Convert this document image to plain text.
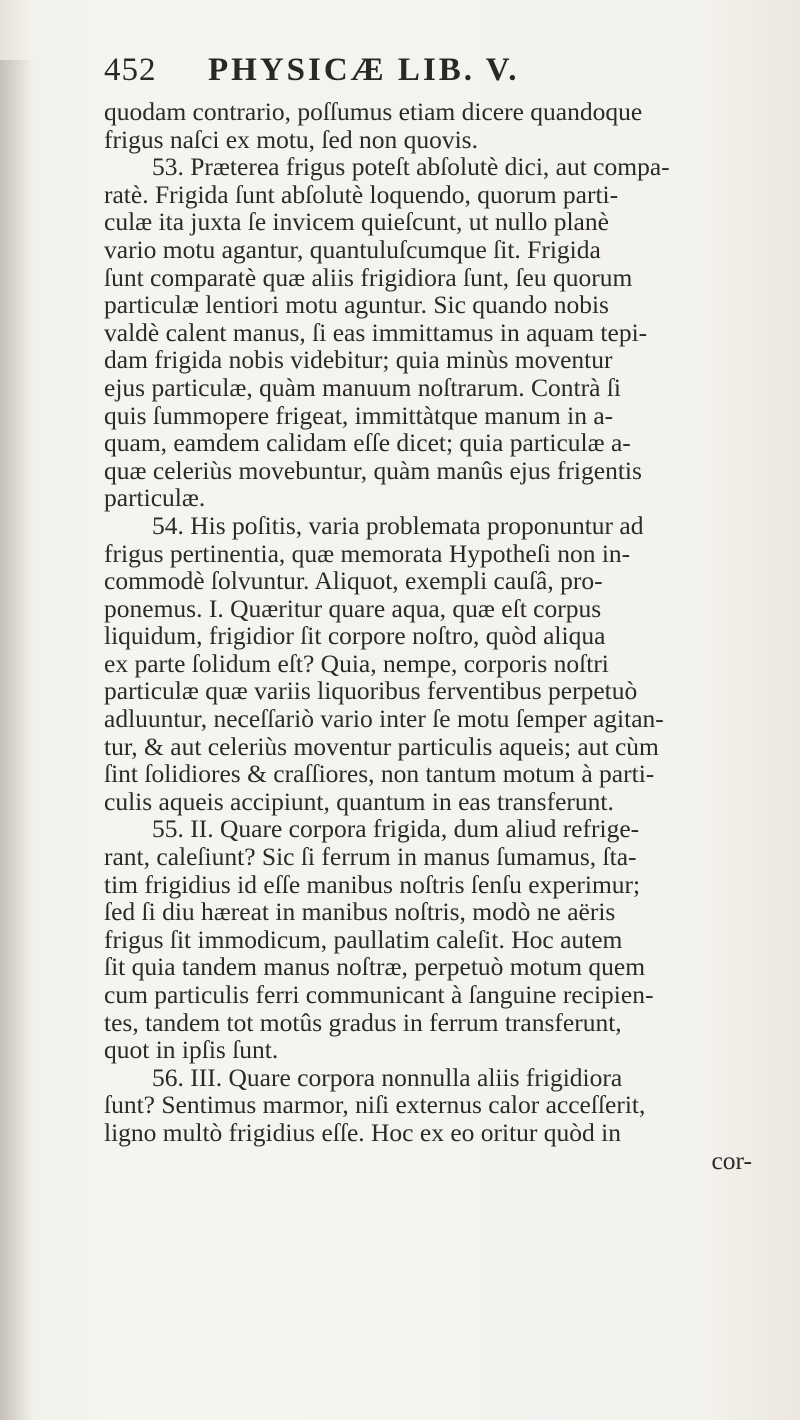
452 PHYSICÆ LIB. V.
quodam contrario, poſſumus etiam dicere quandoque
frigus naſci ex motu, ſed non quovis.
53. Præterea frigus poteſt abſolutè dici, aut compa-
ratè. Frigida ſunt abſolutè loquendo, quorum parti-
culæ ita juxta ſe invicem quieſcunt, ut nullo planè
vario motu agantur, quantuluſcumque ſit. Frigida
ſunt comparatè quæ aliis frigidiora ſunt, ſeu quorum
particulæ lentiori motu aguntur. Sic quando nobis
valdè calent manus, ſi eas immittamus in aquam tepi-
dam frigida nobis videbitur; quia minùs moventur
ejus particulæ, quàm manuum noſtrarum. Contrà ſi
quis ſummopere frigeat, immittàtque manum in a-
quam, eamdem calidam eſſe dicet; quia particulæ a-
quæ celeriùs movebuntur, quàm manûs ejus frigentis
particulæ.
54. His poſitis, varia problemata proponuntur ad
frigus pertinentia, quæ memorata Hypotheſi non in-
commodè ſolvuntur. Aliquot, exempli cauſâ, pro-
ponemus. I. Quæritur quare aqua, quæ eſt corpus
liquidum, frigidior ſit corpore noſtro, quòd aliqua
ex parte ſolidum eſt? Quia, nempe, corporis noſtri
particulæ quæ variis liquoribus ferventibus perpetuò
adluuntur, neceſſariò vario inter ſe motu ſemper agitan-
tur, & aut celeriùs moventur particulis aqueis; aut cùm
ſint ſolidiores & craſſiores, non tantum motum à parti-
culis aqueis accipiunt, quantum in eas transferunt.
55. II. Quare corpora frigida, dum aliud refrige-
rant, caleſiunt? Sic ſi ferrum in manus ſumamus, ſta-
tim frigidius id eſſe manibus noſtris ſenſu experimur;
ſed ſi diu hæreat in manibus noſtris, modò ne aëris
frigus ſit immodicum, paullatim caleſit. Hoc autem
ſit quia tandem manus noſtræ, perpetuò motum quem
cum particulis ferri communicant à ſanguine recipien-
tes, tandem tot motûs gradus in ferrum transferunt,
quot in ipſis ſunt.
56. III. Quare corpora nonnulla aliis frigidiora
ſunt? Sentimus marmor, niſi externus calor acceſſerit,
ligno multò frigidius eſſe. Hoc ex eo oritur quòd in
cor-
